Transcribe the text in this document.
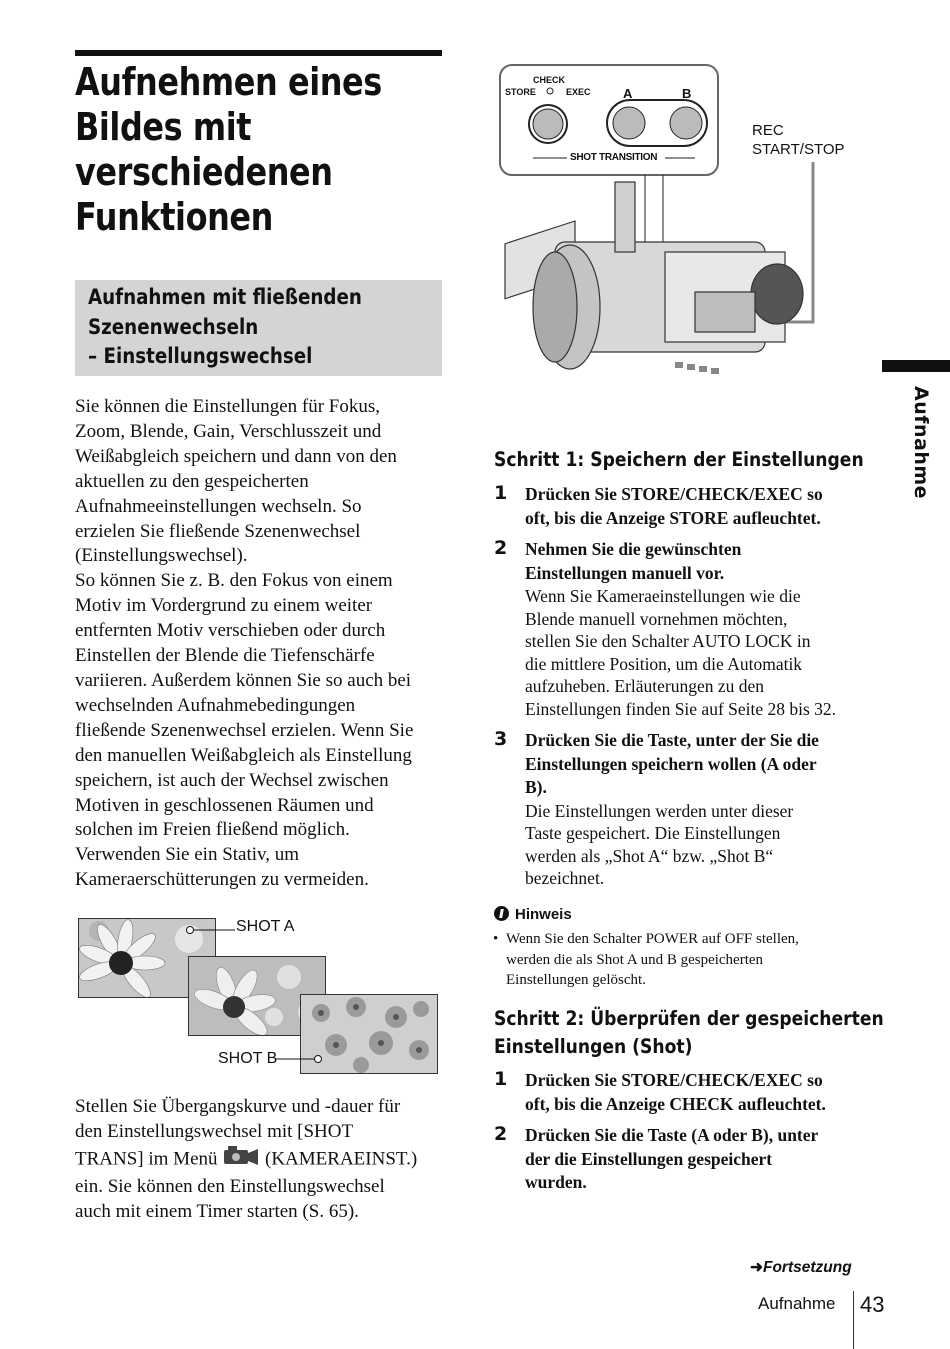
Aufnehmen eines
Bildes mit
verschiedenen
Funktionen
Aufnahmen mit fließenden
Szenenwechseln
– Einstellungswechsel
Sie können die Einstellungen für Fokus,
Zoom, Blende, Gain, Verschlusszeit und
Weißabgleich speichern und dann von den
aktuellen zu den gespeicherten
Aufnahmeeinstellungen wechseln. So
erzielen Sie fließende Szenenwechsel
(Einstellungswechsel).
So können Sie z. B. den Fokus von einem
Motiv im Vordergrund zu einem weiter
entfernten Motiv verschieben oder durch
Einstellen der Blende die Tiefenschärfe
variieren. Außerdem können Sie so auch bei
wechselnden Aufnahmebedingungen
fließende Szenenwechsel erzielen. Wenn Sie
den manuellen Weißabgleich als Einstellung
speichern, ist auch der Wechsel zwischen
Motiven in geschlossenen Räumen und
solchen im Freien fließend möglich.
Verwenden Sie ein Stativ, um
Kameraerschütterungen zu vermeiden.
SHOT A
SHOT B
Stellen Sie Übergangskurve und -dauer für
den Einstellungswechsel mit [SHOT
TRANS] im Menü	(KAMERAEINST.)
ein. Sie können den Einstellungswechsel
auch mit einem Timer starten (S. 65).
CHECK
STORE	EXEC A	B
SHOT TRANSITION
REC
START/STOP
Aufnahme
Schritt 1: Speichern der Einstellungen
1 Drücken Sie STORE/CHECK/EXEC so
oft, bis die Anzeige STORE aufleuchtet.
2 Nehmen Sie die gewünschten
Einstellungen manuell vor.
Wenn Sie Kameraeinstellungen wie die
Blende manuell vornehmen möchten,
stellen Sie den Schalter AUTO LOCK in
die mittlere Position, um die Automatik
aufzuheben. Erläuterungen zu den
Einstellungen finden Sie auf Seite 28 bis 32.
3 Drücken Sie die Taste, unter der Sie die
Einstellungen speichern wollen (A oder
B).
Die Einstellungen werden unter dieser
Taste gespeichert. Die Einstellungen
werden als „Shot A“ bzw. „Shot B“
bezeichnet.
Hinweis
• Wenn Sie den Schalter POWER auf OFF stellen,
werden die als Shot A und B gespeicherten
Einstellungen gelöscht.
Schritt 2: Überprüfen der gespeicherten
Einstellungen (Shot)
1 Drücken Sie STORE/CHECK/EXEC so
oft, bis die Anzeige CHECK aufleuchtet.
2 Drücken Sie die Taste (A oder B), unter
der die Einstellungen gespeichert
wurden.
➜Fortsetzung
Aufnahme 43
